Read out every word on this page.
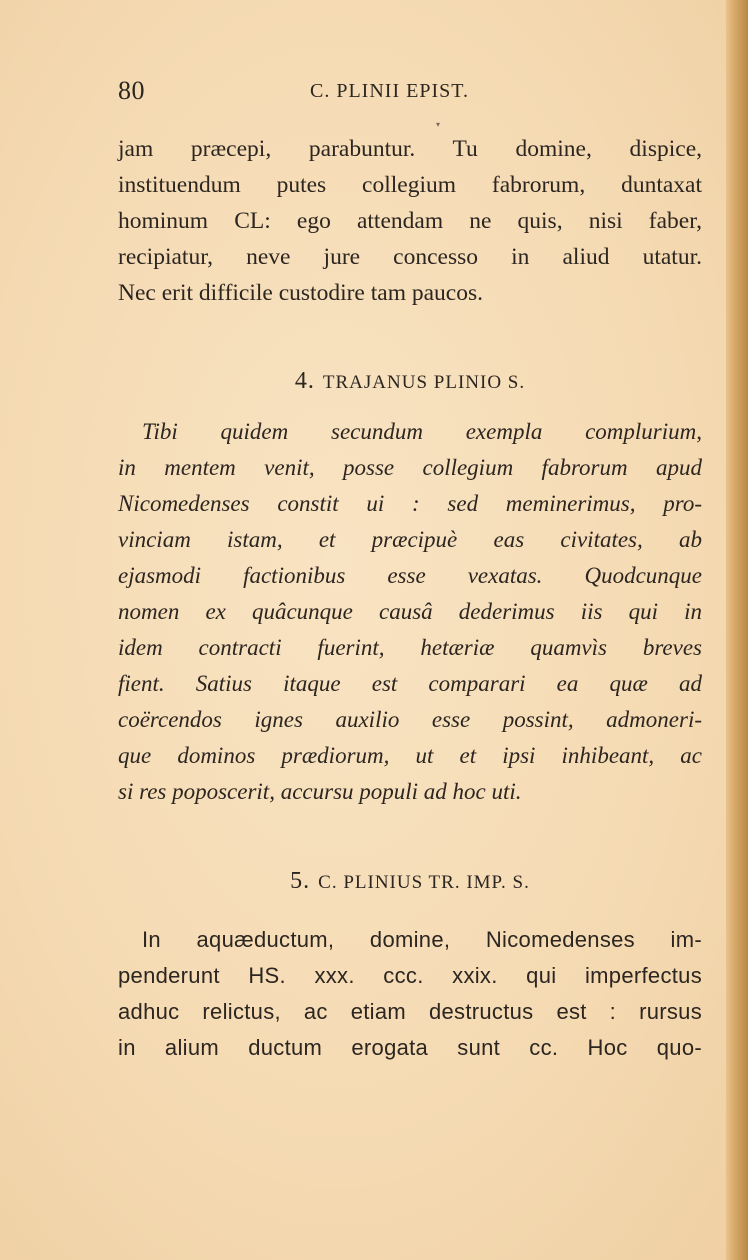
80	C. PLINII EPIST.
▾
jam præcepi, parabuntur. Tu domine, dispice,
instituendum putes collegium fabrorum, duntaxat
hominum CL: ego attendam ne quis, nisi faber,
recipiatur, neve jure concesso in aliud utatur.
Nec erit difficile custodire tam paucos.
4. TRAJANUS PLINIO S.
Tibi quidem secundum exempla complurium,
in mentem venit, posse collegium fabrorum apud
Nicomedenses constit ui : sed meminerimus, pro-
vinciam istam, et præcipuè eas civitates, ab
ejasmodi factionibus esse vexatas. Quodcunque
nomen ex quâcunque causâ dederimus iis qui in
idem contracti fuerint, hetæriæ quamvìs breves
fient. Satius itaque est comparari ea quæ ad
coërcendos ignes auxilio esse possint, admoneri-
que dominos prædiorum, ut et ipsi inhibeant, ac
si res poposcerit, accursu populi ad hoc uti.
5. C. PLINIUS TR. IMP. S.
In aquæductum, domine, Nicomedenses im-
penderunt HS. xxx. ccc. xxix. qui imperfectus
adhuc relictus, ac etiam destructus est : rursus
in alium ductum erogata sunt cc. Hoc quo-
